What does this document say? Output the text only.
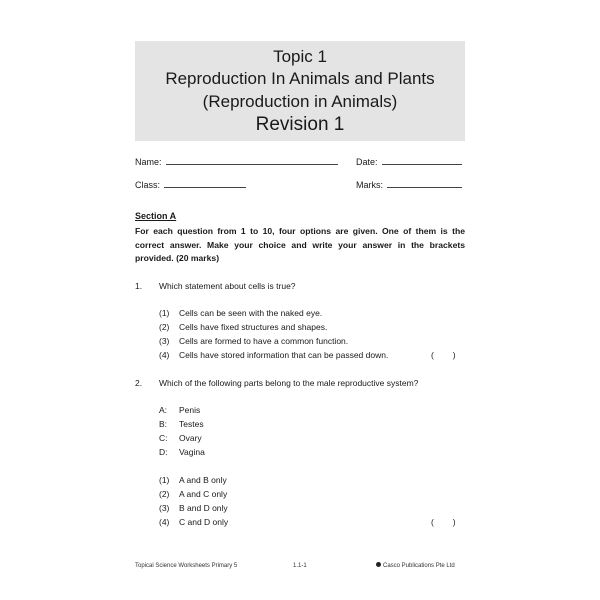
Topic 1
Reproduction In Animals and Plants
(Reproduction in Animals)
Revision 1
Name:	Date:
Class:	Marks:
Section A
For each question from 1 to 10, four options are given. One of them is the correct answer. Make your choice and write your answer in the brackets provided. (20 marks)
1. Which statement about cells is true?
(1) Cells can be seen with the naked eye.
(2) Cells have fixed structures and shapes.
(3) Cells are formed to have a common function.
(4) Cells have stored information that can be passed down.	(        )
2. Which of the following parts belong to the male reproductive system?
A: Penis
B: Testes
C: Ovary
D: Vagina
(1) A and B only
(2) A and C only
(3) B and D only
(4) C and D only	(        )
Topical Science Worksheets Primary 5	1.1-1	Casco Publications Pte Ltd
